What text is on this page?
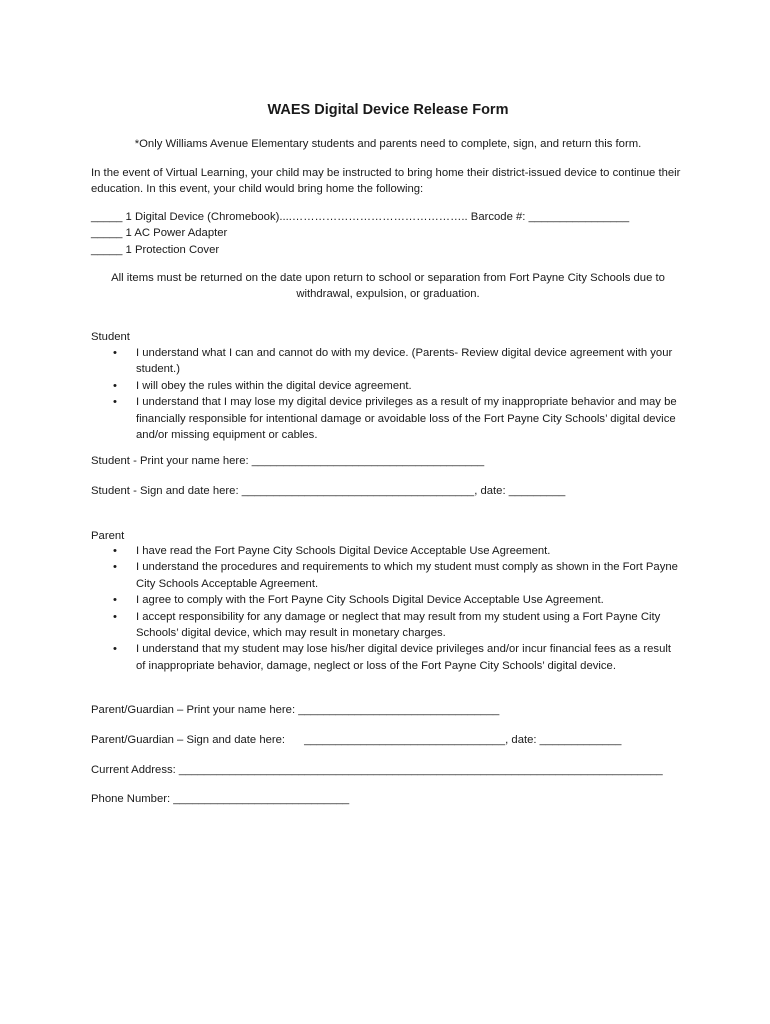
WAES Digital Device Release Form

*Only Williams Avenue Elementary students and parents need to complete, sign, and return this form.

In the event of Virtual Learning, your child may be instructed to bring home their district-issued device to continue their education. In this event, your child would bring home the following:

_____ 1 Digital Device (Chromebook)....……………………………………….. Barcode #: ________________
_____ 1 AC Power Adapter
_____ 1 Protection Cover

All items must be returned on the date upon return to school or separation from Fort Payne City Schools due to withdrawal, expulsion, or graduation.

Student

• I understand what I can and cannot do with my device. (Parents- Review digital device agreement with your student.)
• I will obey the rules within the digital device agreement.
• I understand that I may lose my digital device privileges as a result of my inappropriate behavior and may be financially responsible for intentional damage or avoidable loss of the Fort Payne City Schools’ digital device and/or missing equipment or cables.

Student - Print your name here: _____________________________________

Student - Sign and date here: _____________________________________, date: _________

Parent

• I have read the Fort Payne City Schools Digital Device Acceptable Use Agreement.
• I understand the procedures and requirements to which my student must comply as shown in the Fort Payne City Schools Acceptable Agreement.
• I agree to comply with the Fort Payne City Schools Digital Device Acceptable Use Agreement.
• I accept responsibility for any damage or neglect that may result from my student using a Fort Payne City Schools’ digital device, which may result in monetary charges.
• I understand that my student may lose his/her digital device privileges and/or incur financial fees as a result of inappropriate behavior, damage, neglect or loss of the Fort Payne City Schools’ digital device.

Parent/Guardian – Print your name here: ________________________________

Parent/Guardian – Sign and date here: ________________________________, date: _____________

Current Address: _____________________________________________________________________________

Phone Number: ____________________________
